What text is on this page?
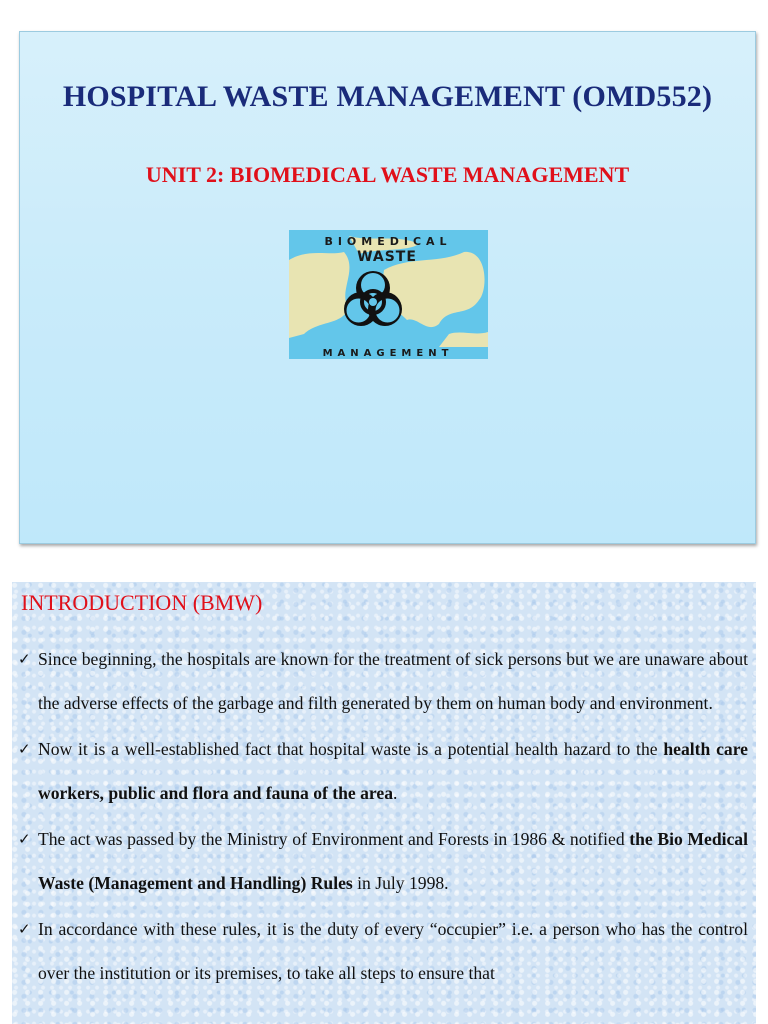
HOSPITAL WASTE MANAGEMENT (OMD552)
UNIT 2: BIOMEDICAL WASTE MANAGEMENT
BIOMEDICAL
WASTE
MANAGEMENT
INTRODUCTION (BMW)
✓ Since beginning, the hospitals are known for the treatment of sick persons but we are unaware about the adverse effects of the garbage and filth generated by them on human body and environment.
✓ Now it is a well-established fact that hospital waste is a potential health hazard to the health care workers, public and flora and fauna of the area.
✓ The act was passed by the Ministry of Environment and Forests in 1986 & notified the Bio Medical Waste (Management and Handling) Rules in July 1998.
✓ In accordance with these rules, it is the duty of every “occupier” i.e. a person who has the control over the institution or its premises, to take all steps to ensure that
